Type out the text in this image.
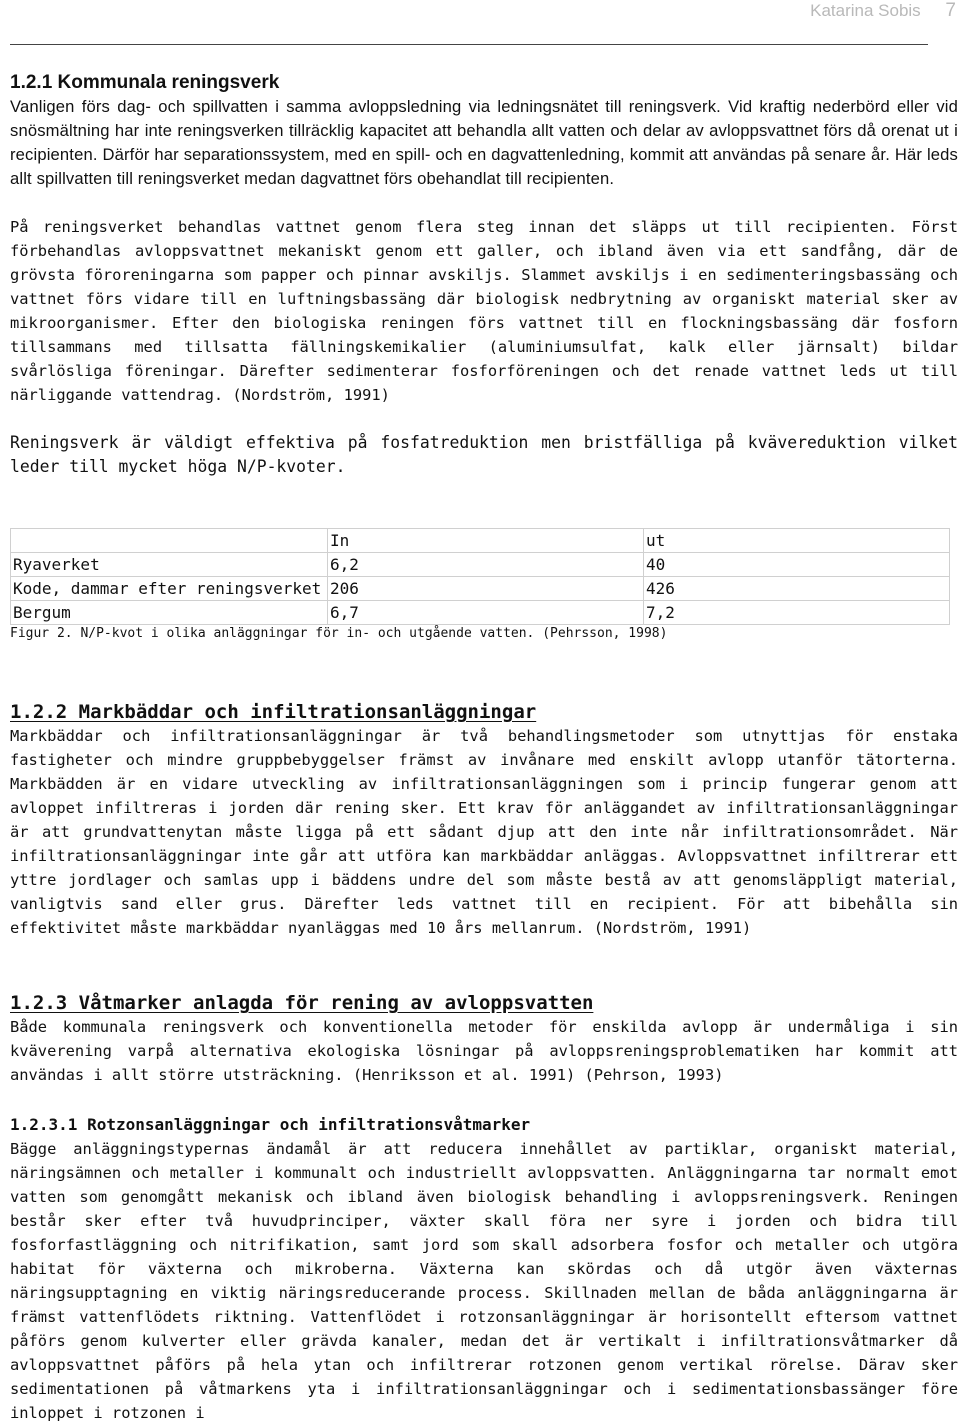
Katarina Sobis 7
1.2.1 Kommunala reningsverk

Vanligen förs dag- och spillvatten i samma avloppsledning via ledningsnätet till reningsverk. Vid kraftig nederbörd eller vid snösmältning har inte reningsverken tillräcklig kapacitet att behandla allt vatten och delar av avloppsvattnet förs då orenat ut i recipienten. Därför har separationssystem, med en spill- och en dagvattenledning, kommit att användas på senare år. Här leds allt spillvatten till reningsverket medan dagvattnet förs obehandlat till recipienten.

På reningsverket behandlas vattnet genom flera steg innan det släpps ut till recipienten. Först förbehandlas avloppsvattnet mekaniskt genom ett galler, och ibland även via ett sandfång, där de grövsta föroreningarna som papper och pinnar avskiljs. Slammet avskiljs i en sedimenteringsbassäng och vattnet förs vidare till en luftningsbassäng där biologisk nedbrytning av organiskt material sker av mikroorganismer. Efter den biologiska reningen förs vattnet till en flockningsbassäng där fosforn tillsammans med tillsatta fällningskemikalier (aluminiumsulfat, kalk eller järnsalt) bildar svårlösliga föreningar. Därefter sedimenterar fosforföreningen och det renade vattnet leds ut till närliggande vattendrag. (Nordström, 1991)

Reningsverk är väldigt effektiva på fosfatreduktion men bristfälliga på kvävereduktion vilket leder till mycket höga N/P-kvoter.

	In	ut
Ryaverket	6,2	40
Kode, dammar efter reningsverket	206	426
Bergum	6,7	7,2

Figur 2. N/P-kvot i olika anläggningar för in- och utgående vatten. (Pehrsson, 1998)

1.2.2 Markbäddar och infiltrationsanläggningar

Markbäddar och infiltrationsanläggningar är två behandlingsmetoder som utnyttjas för enstaka fastigheter och mindre gruppbebyggelser främst av invånare med enskilt avlopp utanför tätorterna. Markbädden är en vidare utveckling av infiltrationsanläggningen som i princip fungerar genom att avloppet infiltreras i jorden där rening sker. Ett krav för anläggandet av infiltrationsanläggningar är att grundvattenytan måste ligga på ett sådant djup att den inte når infiltrationsområdet. När infiltrationsanläggningar inte går att utföra kan markbäddar anläggas. Avloppsvattnet infiltrerar ett yttre jordlager och samlas upp i bäddens undre del som måste bestå av att genomsläppligt material, vanligtvis sand eller grus. Därefter leds vattnet till en recipient. För att bibehålla sin effektivitet måste markbäddar nyanläggas med 10 års mellanrum. (Nordström, 1991)

1.2.3 Våtmarker anlagda för rening av avloppsvatten

Både kommunala reningsverk och konventionella metoder för enskilda avlopp är undermåliga i sin kväverening varpå alternativa ekologiska lösningar på avloppsreningsproblematiken har kommit att användas i allt större utsträckning. (Henriksson et al. 1991) (Pehrson, 1993)

1.2.3.1 Rotzonsanläggningar och infiltrationsvåtmarker

Bägge anläggningstypernas ändamål är att reducera innehållet av partiklar, organiskt material, näringsämnen och metaller i kommunalt och industriellt avloppsvatten. Anläggningarna tar normalt emot vatten som genomgått mekanisk och ibland även biologisk behandling i avloppsreningsverk. Reningen består sker efter två huvudprinciper, växter skall föra ner syre i jorden och bidra till fosforfastläggning och nitrifikation, samt jord som skall adsorbera fosfor och metaller och utgöra habitat för växterna och mikroberna. Växterna kan skördas och då utgör även växternas näringsupptagning en viktig näringsreducerande process. Skillnaden mellan de båda anläggningarna är främst vattenflödets riktning. Vattenflödet i rotzonsanläggningar är horisontellt eftersom vattnet påförs genom kulverter eller grävda kanaler, medan det är vertikalt i infiltrationsvåtmarker då avloppsvattnet påförs på hela ytan och infiltrerar rotzonen genom vertikal rörelse. Därav sker sedimentationen på våtmarkens yta i infiltrationsanläggningar och i sedimentationsbassänger före inloppet i rotzonen i
